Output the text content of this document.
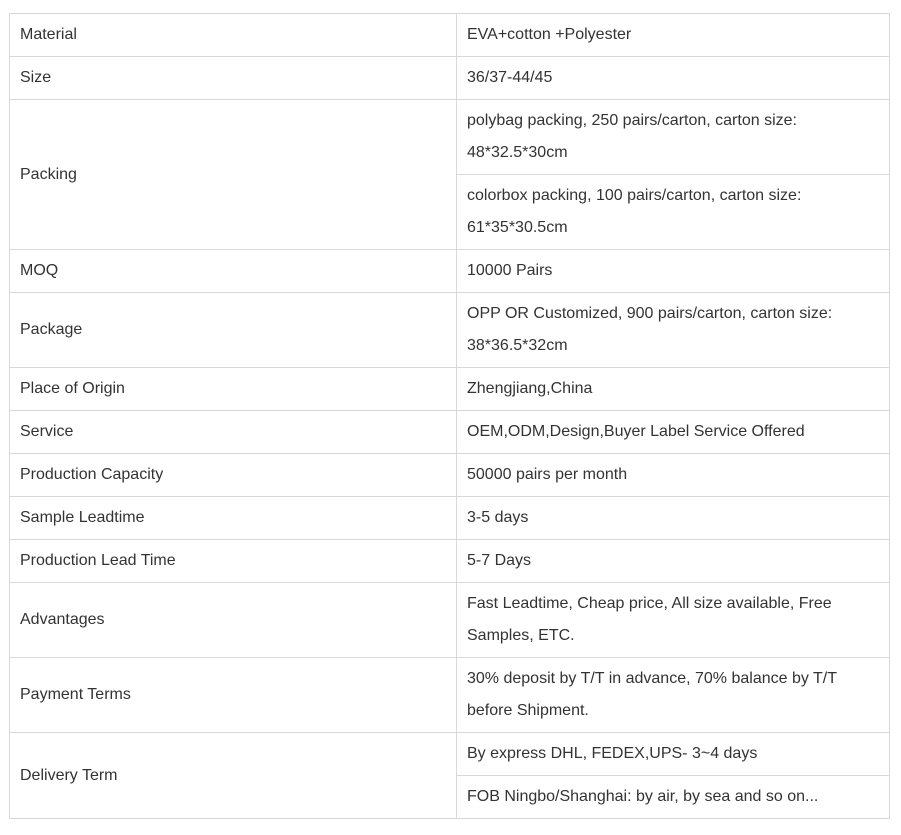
Material	EVA+cotton +Polyester
Size	36/37-44/45
Packing	polybag packing, 250 pairs/carton, carton size: 48*32.5*30cm
	colorbox packing, 100 pairs/carton, carton size: 61*35*30.5cm
MOQ	10000 Pairs
Package	OPP OR Customized, 900 pairs/carton, carton size: 38*36.5*32cm
Place of Origin	Zhengjiang,China
Service	OEM,ODM,Design,Buyer Label Service Offered
Production Capacity	50000 pairs per month
Sample Leadtime	3-5 days
Production Lead Time	5-7 Days
Advantages	Fast Leadtime, Cheap price, All size available, Free Samples, ETC.
Payment Terms	30% deposit by T/T in advance, 70% balance by T/T before Shipment.
Delivery Term	By express DHL, FEDEX,UPS- 3~4 days
	FOB Ningbo/Shanghai: by air, by sea and so on...
